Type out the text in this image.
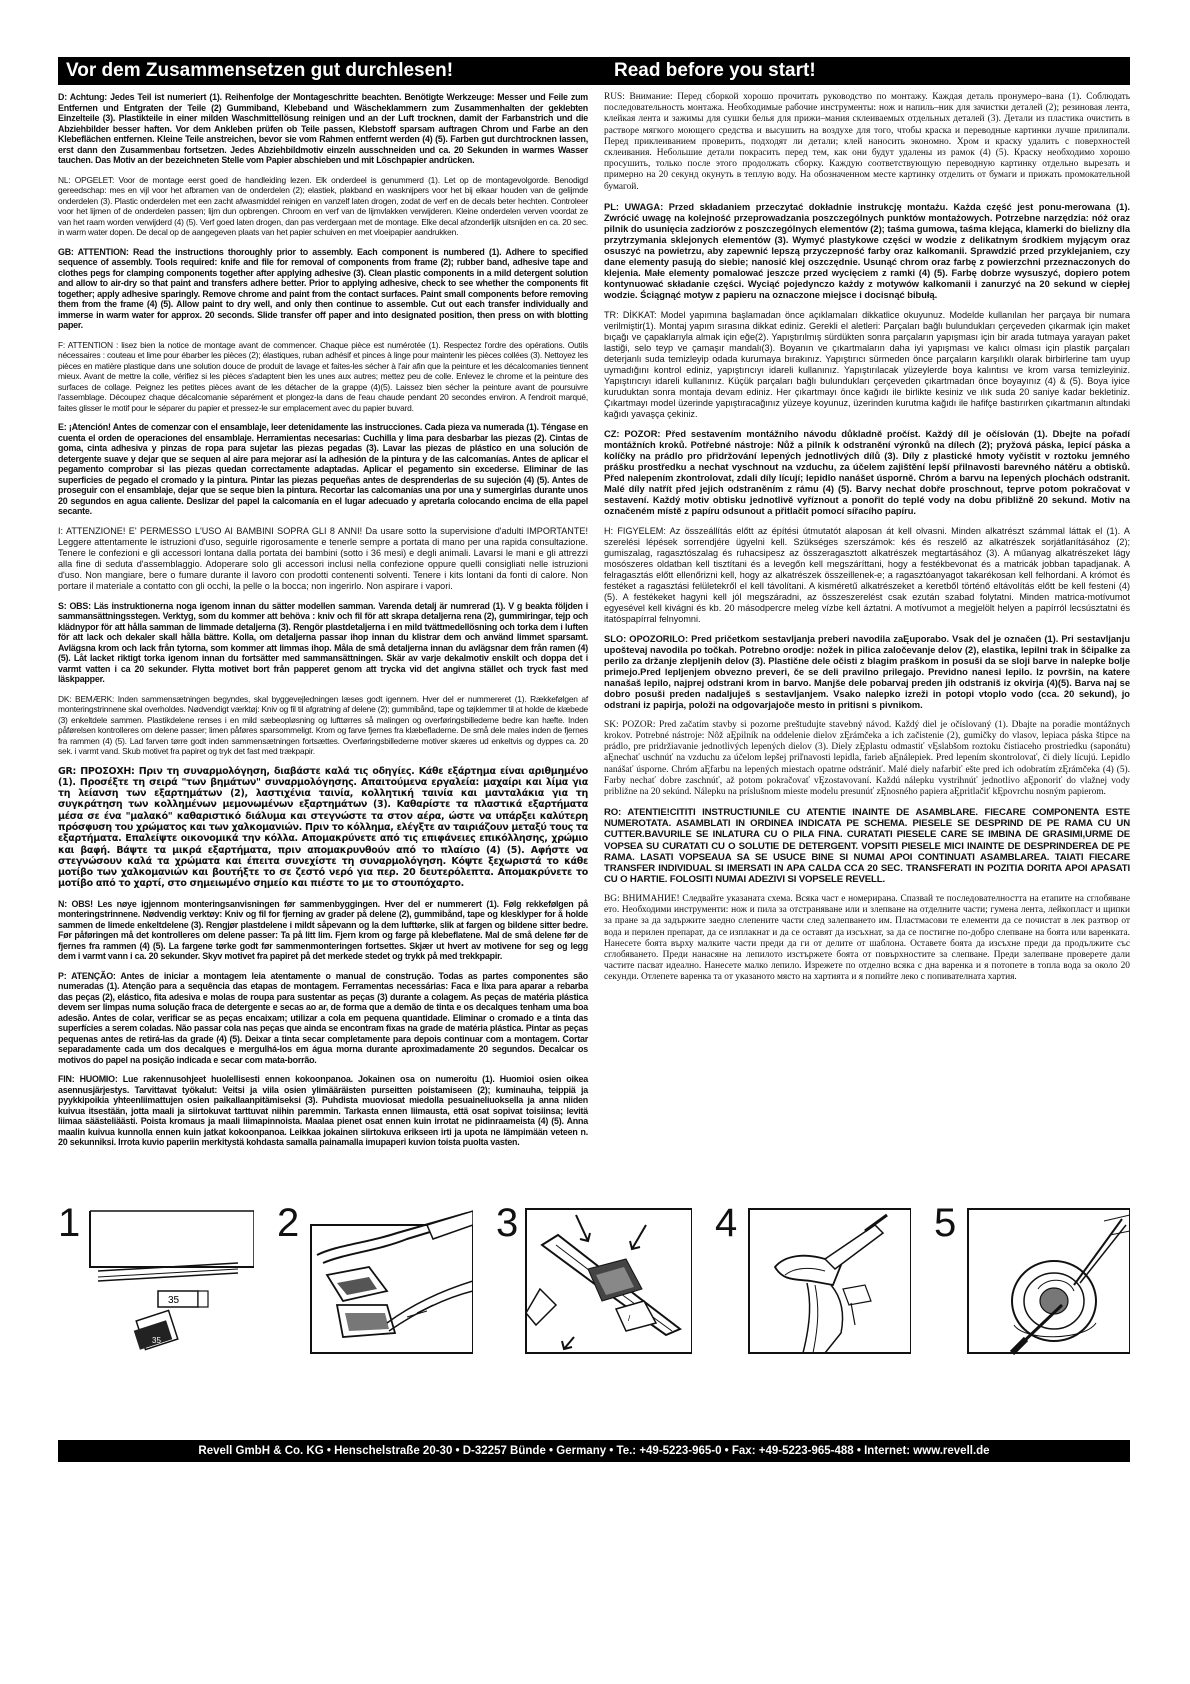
Vor dem Zusammensetzen gut durchlesen!	Read before you start!

D: Achtung: Jedes Teil ist numeriert (1). Reihenfolge der Montageschritte beachten. Benötigte Werkzeuge: Messer und Feile zum Entfernen und Entgraten der Teile (2) Gummiband, Klebeband und Wäscheklammern zum Zusammenhalten der geklebten Einzelteile (3). Plastikteile in einer milden Waschmittellösung reinigen und an der Luft trocknen, damit der Farbanstrich und die Abziehbilder besser haften. Vor dem Ankleben prüfen ob Teile passen, Klebstoff sparsam auftragen Chrom und Farbe an den Klebeflächen entfernen. Kleine Teile anstreichen, bevor sie vom Rahmen entfernt werden (4) (5). Farben gut durchtrocknen lassen, erst dann den Zusammenbau fortsetzen. Jedes Abziehbildmotiv einzeln ausschneiden und ca. 20 Sekunden in warmes Wasser tauchen. Das Motiv an der bezeichneten Stelle vom Papier abschieben und mit Löschpapier andrücken.

NL: OPGELET: Voor de montage eerst goed de handleiding lezen. Elk onderdeel is genummerd (1). Let op de montagevolgorde. Benodigd gereedschap: mes en vijl voor het afbramen van de onderdelen (2); elastiek, plakband en wasknijpers voor het bij elkaar houden van de gelijmde onderdelen (3). Plastic onderdelen met een zacht afwasmiddel reinigen en vanzelf laten drogen, zodat de verf en de decals beter hechten. Controleer voor het lijmen of de onderdelen passen; lijm dun opbrengen. Chroom en verf van de lijmvlakken verwijderen. Kleine onderdelen verven voordat ze van het raam worden verwijderd (4) (5). Verf goed laten drogen, dan pas verdergaan met de montage. Elke decal afzonderlijk uitsnijden en ca. 20 sec. in warm water dopen. De decal op de aangegeven plaats van het papier schuiven en met vloeipapier aandrukken.

GB: ATTENTION: Read the instructions thoroughly prior to assembly. Each component is numbered (1). Adhere to specified sequence of assembly. Tools required: knife and file for removal of components from frame (2); rubber band, adhesive tape and clothes pegs for clamping components together after applying adhesive (3). Clean plastic components in a mild detergent solution and allow to air-dry so that paint and transfers adhere better. Prior to applying adhesive, check to see whether the components fit together; apply adhesive sparingly. Remove chrome and paint from the contact surfaces. Paint small components before removing them from the frame (4) (5). Allow paint to dry well, and only then continue to assemble. Cut out each transfer individually and immerse in warm water for approx. 20 seconds. Slide transfer off paper and into designated position, then press on with blotting paper.

F: ATTENTION : lisez bien la notice de montage avant de commencer. Chaque pièce est numérotée (1). Respectez l'ordre des opérations. Outils nécessaires : couteau et lime pour ébarber les pièces (2); élastiques, ruban adhésif et pinces à linge pour maintenir les pièces collées (3). Nettoyez les pièces en matière plastique dans une solution douce de produit de lavage et faites-les sécher à l'air afin que la peinture et les décalcomanies tiennent mieux. Avant de mettre la colle, vérifiez si les pièces s'adaptent bien les unes aux autres; mettez peu de colle. Enlevez le chrome et la peinture des surfaces de collage. Peignez les petites pièces avant de les détacher de la grappe (4)(5). Laissez bien sécher la peinture avant de poursuivre l'assemblage. Découpez chaque décalcomanie séparément et plongez-la dans de l'eau chaude pendant 20 secondes environ. A l'endroit marqué, faites glisser le motif pour le séparer du papier et pressez-le sur emplacement avec du papier buvard.

E: ¡Atención! Antes de comenzar con el ensamblaje, leer detenidamente las instrucciones. Cada pieza va numerada (1). Téngase en cuenta el orden de operaciones del ensamblaje. Herramientas necesarias: Cuchilla y lima para desbarbar las piezas (2). Cintas de goma, cinta adhesiva y pinzas de ropa para sujetar las piezas pegadas (3). Lavar las piezas de plástico en una solución de detergente suave y dejar que se sequen al aire para mejorar así la adhesión de la pintura y de las calcomanías. Antes de aplicar el pegamento comprobar si las piezas quedan correctamente adaptadas. Aplicar el pegamento sin excederse. Eliminar de las superficies de pegado el cromado y la pintura. Pintar las piezas pequeñas antes de desprenderlas de su sujeción (4) (5). Antes de proseguir con el ensamblaje, dejar que se seque bien la pintura. Recortar las calcomanías una por una y sumergirlas durante unos 20 segundos en agua caliente. Deslizar del papel la calcomanía en el lugar adecuado y apretarla colocando encima de ella papel secante.

I: ATTENZIONE! E' PERMESSO L'USO AI BAMBINI SOPRA GLI 8 ANNI! Da usare sotto la supervisione d'adulti IMPORTANTE! Leggere attentamente le istruzioni d'uso, seguirle rigorosamente e tenerle sempre a portata di mano per una rapida consultazione. Tenere le confezioni e gli accessori lontana dalla portata dei bambini (sotto i 36 mesi) e degli animali. Lavarsi le mani e gli attrezzi alla fine di seduta d'assemblaggio. Adoperare solo gli accessori inclusi nella confezione oppure quelli consigliati nelle istruzioni d'uso. Non mangiare, bere o fumare durante il lavoro con prodotti contenenti solventi. Tenere i kits lontani da fonti di calore. Non portare il materiale a contatto con gli occhi, la pelle o la bocca; non ingerirlo. Non aspirare i vapori.

S: OBS: Läs instruktionerna noga igenom innan du sätter modellen samman. Varenda detalj är numrerad (1). V g beakta följden i sammansättningsstegen. Verktyg, som du kommer att behöva : kniv och fil för att skrapa detaljerna rena (2), gummiringar, tejp och klädnypor för att hålla samman de limmade detaljerna (3). Rengör plastdetaljerna i en mild tvättmedellösning och torka dem i luften för att lack och dekaler skall hålla bättre. Kolla, om detaljerna passar ihop innan du klistrar dem och använd limmet sparsamt. Avlägsna krom och lack från tytorna, som kommer att limmas ihop. Måla de små detaljerna innan du avlägsnar dem från ramen (4) (5). Låt lacket riktigt torka igenom innan du fortsätter med sammansättningen. Skär av varje dekalmotiv enskilt och doppa det i varmt vatten i ca 20 sekunder. Flytta motivet bort från papperet genom att trycka vid det angivna stället och tryck fast med läskpapper.

DK: BEMÆRK: Inden sammensætningen begyndes, skal byggevejledningen læses godt igennem. Hver del er nummereret (1). Rækkefølgen af monteringstrinnene skal overholdes. Nødvendigt værktøj: Kniv og fil til afgratning af delene (2); gummibånd, tape og tøjklemmer til at holde de klæbede (3) enkeltdele sammen. Plastikdelene renses i en mild sæbeopløsning og lufttørres så malingen og overføringsbillederne bedre kan hæfte. Inden påførelsen kontrolleres om delene passer; limen påføres sparsommeligt. Krom og farve fjernes fra klæbefladerne. De små dele males inden de fjernes fra rammen (4) (5). Lad farven tørre godt inden sammensætningen fortsættes. Overføringsbillederne motiver skæres ud enkeltvis og dyppes ca. 20 sek. i varmt vand. Skub motivet fra papiret og tryk det fast med trækpapir.

GR: ΠΡΟΣΟΧΗ: Πριν τη συναρμολόγηση, διαβάστε καλά τις οδηγίες. Κάθε εξάρτημα είναι αριθμημένο (1). Προσέξτε τη σειρά "των βημάτων" συναρμολόγησης. Απαιτούμενα εργαλεία: μαχαίρι και λίμα για τη λείανση των εξαρτημάτων (2), λαστιχένια ταινία, κολλητική ταινία και μανταλάκια για τη συγκράτηση των κολλημένων μεμονωμένων εξαρτημάτων (3). Καθαρίστε τα πλαστικά εξαρτήματα μέσα σε ένα "μαλακό" καθαριστικό διάλυμα και στεγνώστε τα στον αέρα, ώστε να υπάρξει καλύτερη πρόσφυση του χρώματος και των χαλκομανιών. Πριν το κόλλημα, ελέγξτε αν ταιριάζουν μεταξύ τους τα εξαρτήματα. Επαλείψτε οικονομικά την κόλλα. Απομακρύνετε από τις επιφάνειες επικόλλησης, χρώμιο και βαφή. Βάψτε τα μικρά εξαρτήματα, πριν απομακρυνθούν από το πλαίσιο (4) (5). Αφήστε να στεγνώσουν καλά τα χρώματα και έπειτα συνεχίστε τη συναρμολόγηση. Κόψτε ξεχωριστά το κάθε μοτίβο των χαλκομανιών και βουτήξτε το σε ζεστό νερό για περ. 20 δευτερόλεπτα. Απομακρύνετε το μοτίβο από το χαρτί, στο σημειωμένο σημείο και πιέστε το με το στουπόχαρτο.

N: OBS! Les nøye igjennom monteringsanvisningen før sammenbyggingen. Hver del er nummerert (1). Følg rekkefølgen på monteringstrinnene. Nødvendig verktøy: Kniv og fil for fjerning av grader på delene (2), gummibånd, tape og klesklyper for å holde sammen de limede enkeltdelene (3). Rengjør plastdelene i mildt såpevann og la dem lufttørke, slik at fargen og bildene sitter bedre. Før påføringen må det kontrolleres om delene passer: Ta på litt lim. Fjern krom og farge på klebeflatene. Mal de små delene før de fjernes fra rammen (4) (5). La fargene tørke godt før sammenmonteringen fortsettes. Skjær ut hvert av motivene for seg og legg dem i varmt vann i ca. 20 sekunder. Skyv motivet fra papiret på det merkede stedet og trykk på med trekkpapir.

P: ATENÇÃO: Antes de iniciar a montagem leia atentamente o manual de construção. Todas as partes componentes são numeradas (1). Atenção para a sequência das etapas de montagem. Ferramentas necessárias: Faca e lixa para aparar a rebarba das peças (2), elástico, fita adesiva e molas de roupa para sustentar as peças (3) durante a colagem. As peças de matéria plástica devem ser limpas numa solução fraca de detergente e secas ao ar, de forma que a demão de tinta e os decalques tenham uma boa adesão. Antes de colar, verificar se as peças encaixam; utilizar a cola em pequena quantidade. Eliminar o cromado e a tinta das superfícies a serem coladas. Não passar cola nas peças que ainda se encontram fixas na grade de matéria plástica. Pintar as peças pequenas antes de retirá-las da grade (4) (5). Deixar a tinta secar completamente para depois continuar com a montagem. Cortar separadamente cada um dos decalques e mergulhá-los em água morna durante aproximadamente 20 segundos. Decalcar os motivos do papel na posição indicada e secar com mata-borrão.

FIN: HUOMIO: Lue rakennusohjeet huolellisesti ennen kokoonpanoa. Jokainen osa on numeroitu (1). Huomioi osien oikea asennusjärjestys. Tarvittavat työkalut: Veitsi ja viila osien ylimääräisten purseitten poistamiseen (2); kuminauha, teippiä ja pyykkipoikia yhteenliimattujen osien paikallaanpitämiseksi (3). Puhdista muoviosat miedolla pesuaineliuoksella ja anna niiden kuivua itsestään, jotta maali ja siirtokuvat tarttuvat niihin paremmin. Tarkasta ennen liimausta, että osat sopivat toisiinsa; levitä liimaa säästeliäästi. Poista kromaus ja maali liimapinnoista. Maalaa pienet osat ennen kuin irrotat ne pidinraameista (4) (5). Anna maalin kuivua kunnolla ennen kuin jatkat kokoonpanoa. Leikkaa jokainen siirtokuva erikseen irti ja upota ne lämpimään veteen n. 20 sekunniksi. Irrota kuvio paperiin merkitystä kohdasta samalla painamalla imupaperi kuvion toista puolta vasten.

RUS: Внимание: Перед сборкой хорошо прочитать руководство по монтажу. Каждая деталь пронумеро–вана (1). Соблюдать последовательность монтажа. Необходимые рабочие инструменты: нож и напиль–ник для зачистки деталей (2); резиновая лента, клейкая лента и зажимы для сушки белья для прижи–мания склеиваемых отдельных деталей (3). Детали из пластика очистить в растворе мягкого моющего средства и высушить на воздухе для того, чтобы краска и переводные картинки лучше прилипали. Перед приклеиванием проверить, подходят ли детали; клей наносить экономно. Хром и краску удалить с поверхностей склеивания. Небольшие детали покрасить перед тем, как они будут удалены из рамок (4) (5). Краску необходимо хорошо просушить, только после этого продолжать сборку. Каждую соответствующую переводную картинку отдельно вырезать и примерно на 20 секунд окунуть в теплую воду. На обозначенном месте картинку отделить от бумаги и прижать промокательной бумагой.

PL: UWAGA: Przed składaniem przeczytać dokładnie instrukcję montażu. Każda część jest ponu-merowana (1). Zwrócić uwagę na kolejność przeprowadzania poszczególnych punktów montażowych. Potrzebne narzędzia: nóż oraz pilnik do usunięcia zadziorów z poszczególnych elementów (2); taśma gumowa, taśma klejąca, klamerki do bielizny dla przytrzymania sklejonych elementów (3). Wymyć plastykowe części w wodzie z delikatnym środkiem myjącym oraz osuszyć na powietrzu, aby zapewnić lepszą przyczepność farby oraz kalkomanii. Sprawdzić przed przyklejaniem, czy dane elementy pasują do siebie; nanosić klej oszczędnie. Usunąć chrom oraz farbę z powierzchni przeznaczonych do klejenia. Małe elementy pomalować jeszcze przed wycięciem z ramki (4) (5). Farbę dobrze wysuszyć, dopiero potem kontynuować składanie części. Wyciąć pojedynczo każdy z motywów kalkomanii i zanurzyć na 20 sekund w ciepłej wodzie. Ściągnąć motyw z papieru na oznaczone miejsce i docisnąć bibułą.

TR: DİKKAT: Model yapımına başlamadan önce açıklamaları dikkatlice okuyunuz. Modelde kullanılan her parçaya bir numara verilmiştir(1). Montaj yapım sırasına dikkat ediniz. Gerekli el aletleri: Parçaları bağlı bulundukları çerçeveden çıkarmak için maket bıçağı ve çapaklarıyla almak için eğe(2). Yapıştırılmış sürdükten sonra parçaların yapışması için bir arada tutmaya yarayan paket lastiği, selo teyp ve çamaşır mandalı(3). Boyanın ve çıkartmaların daha iyi yapışması ve kalıcı olması için plastik parçaları deterjanlı suda temizleyip odada kurumaya bırakınız. Yapıştırıcı sürmeden önce parçaların karşılıklı olarak birbirlerine tam uyup uymadığını kontrol ediniz, yapıştırıcıyı idareli kullanınız. Yapıştırılacak yüzeylerde boya kalıntısı ve krom varsa temizleyiniz. Yapıştırıcıyı idareli kullanınız. Küçük parçaları bağlı bulundukları çerçeveden çıkartmadan önce boyayınız (4) & (5). Boya iyice kuruduktan sonra montaja devam ediniz. Her çıkartmayı önce kağıdı ile birlikte kesiniz ve ılık suda 20 saniye kadar bekletiniz. Çıkartmayı model üzerinde yapıştıracağınız yüzeye koyunuz, üzerinden kurutma kağıdı ile hafifçe bastırırken çıkartmanın altındaki kağıdı yavaşça çekiniz.

CZ: POZOR: Před sestavením montážního návodu důkladně pročíst. Každý díl je očíslován (1). Dbejte na pořadí montážních kroků. Potřebné nástroje: Nůž a pilník k odstranění výronků na dílech (2); pryžová páska, lepicí páska a kolíčky na prádlo pro přidržování lepených jednotlivých dílů (3). Díly z plastické hmoty vyčistit v roztoku jemného prášku prostředku a nechat vyschnout na vzduchu, za účelem zajištění lepší přilnavosti barevného nátěru a obtisků. Před nalepením zkontrolovat, zdali díly lícují; lepidlo nanášet úsporně. Chróm a barvu na lepených plochách odstranit. Malé díly natřít před jejich odstraněním z rámu (4) (5). Barvy nechat dobře proschnout, teprve potom pokračovat v sestavení. Každý motiv obtisku jednotlivě vyříznout a ponořit do teplé vody na dobu přibližně 20 sekund. Motiv na označeném místě z papíru odsunout a přitlačit pomocí sířacího papíru.

H: FIGYELEM: Az összeállítás előtt az építési útmutatót alaposan át kell olvasni. Minden alkatrészt számmal láttak el (1). A szerelési lépések sorrendjére ügyelni kell. Szükséges szerszámok: kés és reszelő az alkatrészek sorjátlanításához (2); gumiszalag, ragasztószalag és ruhacsipesz az összeragasztott alkatrészek megtartásához (3). A műanyag alkatrészeket lágy mosószeres oldatban kell tisztítani és a levegőn kell megszáríttani, hogy a festékbevonat és a matricák jobban tapadjanak. A felragasztás előtt ellenőrizni kell, hogy az alkatrészek összeillenek-e; a ragasztóanyagot takarékosan kell felhordani. A krómot és festéket a ragasztási felületekről el kell távolítani. A kisméretű alkatrészeket a keretből történő eltávolítás előtt be kell festeni (4) (5). A festékeket hagyni kell jól megszáradni, az összeszerelést csak ezután szabad folytatni. Minden matrica-motívumot egyesével kell kivágni és kb. 20 másodpercre meleg vízbe kell áztatni. A motívumot a megjelölt helyen a papírról lecsúsztatni és itatóspapírral felnyomni.

SLO: OPOZORILO: Pred pričetkom sestavljanja preberi navodila zaĘuporabo. Vsak del je označen (1). Pri sestavljanju upoštevaj navodila po točkah. Potrebno orodje: nožek in pilica zaločevanje delov (2), elastika, lepilni trak in ščipalke za perilo za držanje zlepljenih delov (3). Plastične dele očisti z blagim praškom in posuši da se sloji barve in nalepke bolje primejo.Pred lepljenjem obvezno preveri, če se deli pravilno prilegajo. Previdno nanesi lepilo. Iz površin, na katere nanašaš lepilo, najprej odstrani krom in barvo. Manjše dele pobarvaj preden jih odstraniš iz okvirja (4)(5). Barva naj se dobro posuši preden nadaljuješ s sestavljanjem. Vsako nalepko izreži in potopi vtoplo vodo (cca. 20 sekund), jo odstrani iz papirja, položi na odgovarjajoče mesto in pritisni s pivnikom.

SK: POZOR: Pred začatím stavby si pozorne preštudujte stavebný návod. Každý diel je očíslovaný (1). Dbajte na poradie montážnych krokov. Potrebné nástroje: Nôž aĘpilník na oddelenie dielov zĘrámčeka a ich začistenie (2), gumičky do vlasov, lepiaca páska štipce na prádlo, pre pridržiavanie jednotlivých lepených dielov (3). Diely zĘplastu odmastiť vĘslabšom roztoku čistiaceho prostriedku (saponátu) aĘnechať uschnúť na vzduchu za účelom lepšej priľnavosti lepidla, farieb aĘnálepiek. Pred lepením skontrolovať, či diely lícujú. Lepidlo nanášať úsporne. Chróm aĘfarbu na lepených miestach opatrne odstrániť. Malé diely nafarbiť ešte pred ich odobratím zĘrámčeka (4) (5). Farby nechať dobre zaschnúť, až potom pokračovať vĘzostavovaní. Každú nálepku vystrihnúť jednotlivo aĘponoriť do vlažnej vody približne na 20 sekúnd. Nálepku na príslušnom mieste modelu presunúť zĘnosného papiera aĘpritlačiť kĘpovrchu nosným papierom.

RO: ATENTIE!CITITI INSTRUCTIUNILE CU ATENTIE INAINTE DE ASAMBLARE. FIECARE COMPONENTA ESTE NUMEROTATA. ASAMBLATI IN ORDINEA INDICATA PE SCHEMA. PIESELE SE DESPRIND DE PE RAMA CU UN CUTTER.BAVURILE SE INLATURA CU O PILA FINA. CURATATI PIESELE CARE SE IMBINA DE GRASIMI,URME DE VOPSEA SU CURATATI CU O SOLUTIE DE DETERGENT. VOPSITI PIESELE MICI INAINTE DE DESPRINDEREA DE PE RAMA. LASATI VOPSEAUA SA SE USUCE BINE SI NUMAI APOI CONTINUATI ASAMBLAREA. TAIATI FIECARE TRANSFER INDIVIDUAL SI IMERSATI IN APA CALDA CCA 20 SEC. TRANSFERATI IN POZITIA DORITA APOI APASATI CU O HARTIE. FOLOSITI NUMAI ADEZIVI SI VOPSELE REVELL.

BG: ВНИМАНИЕ! Следвайте указаната схема. Всяка част е номерирана. Спазвай те последователността на етапите на сглобяване ето. Необходими инструменти: нож и пила за отстраняване или и злепване на отделните части; гумена лента, лейкопласт и щипки за пране за да задържите заедно слепените части след залепването им. Пластмасови те елементи да се почистат в лек разтвор от вода и перилен препарат, да се изплакнат и да се оставят да изсъхнат, за да се постигне по-добро слепване на боята или варенката. Нанесете боята върху малките части преди да ги от делите от шаблона. Оставете боята да изсъхне преди да продължите със сглобяването. Преди нанасяне на лепилото изстържете боята от повърхностите за слепване. Преди залепване проверете дали частите пасват идеално. Нанесете малко лепило. Изрежете по отделно всяка с дна варенка и я потопете в топла вода за около 20 секунди. Отлепете варенка та от указаното място на хартията и я попийте леко с попивателната хартия.

1
35
35
2	3
/
4	5
Revell GmbH & Co. KG • Henschelstraße 20-30 • D-32257 Bünde • Germany • Te.: +49-5223-965-0 • Fax: +49-5223-965-488 • Internet: www.revell.de
